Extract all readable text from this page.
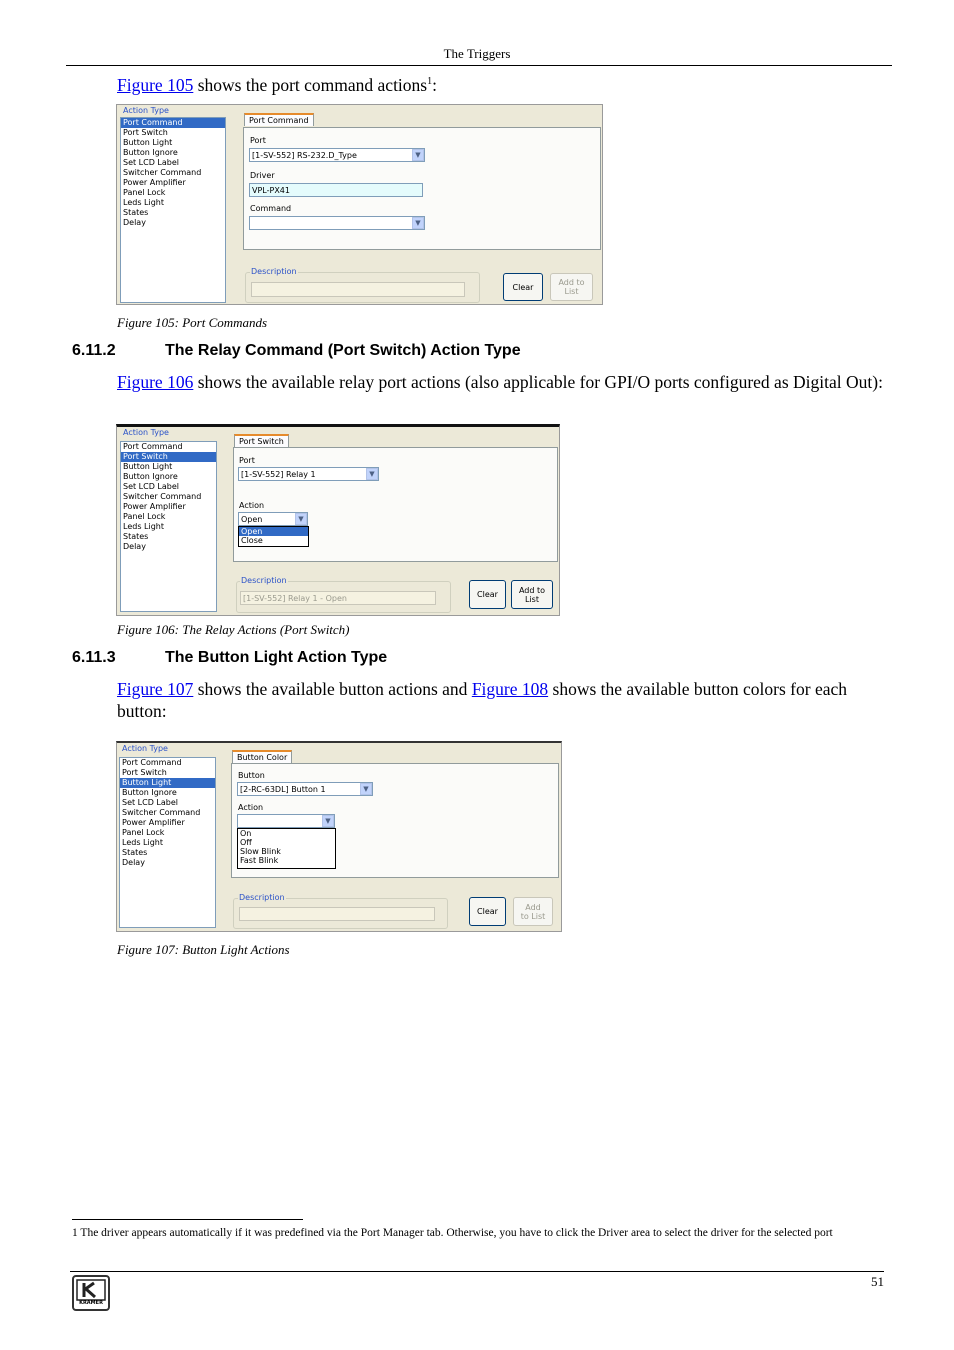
The Triggers
Figure 105 shows the port command actions$^1$:
Port Command
Port Switch
Button Light
Button Ignore
Set LCD Label
Switcher Command
Power Amplifier
Panel Lock
Leds Light
States
Delay
Action Type
Port Command
Port
[1-SV-552] RS-232.D_Type	▼
Driver
VPL-PX41
Command
▼
Description
Clear	Add to List
Figure 105: Port Commands
6.11.2	The Relay Command (Port Switch) Action Type
Figure 106 shows the available relay port actions (also applicable for GPI/O ports configured as Digital Out):
Port Command
Port Switch
Button Light
Button Ignore
Set LCD Label
Switcher Command
Power Amplifier
Panel Lock
Leds Light
States
Delay
Action Type
Port Switch
Port
[1-SV-552] Relay 1	▼
Action
Open	▼
Open
Close
Description
[1-SV-552] Relay 1 - Open	Clear	Add to List
Figure 106: The Relay Actions (Port Switch)
6.11.3	The Button Light Action Type
Figure 107 shows the available button actions and Figure 108 shows the available button colors for each button:
Port Command
Port Switch
Button Light
Button Ignore
Set LCD Label
Switcher Command
Power Amplifier
Panel Lock
Leds Light
States
Delay
Action Type
Button Color
Button
[2-RC-63DL] Button 1	▼
Action
▼
On
Off
Slow Blink
Fast Blink
Description
Clear	Add to List
Figure 107: Button Light Actions
1 The driver appears automatically if it was predefined via the Port Manager tab. Otherwise, you have to click the Driver area to select the driver for the selected port
KRAMER
51
